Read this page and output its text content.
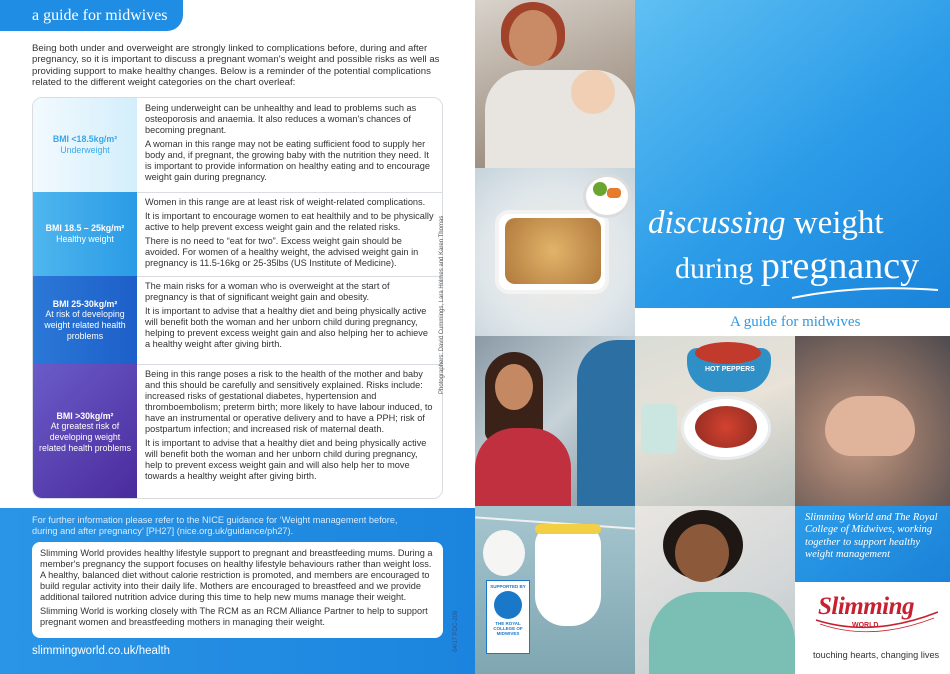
a guide for midwives
Being both under and overweight are strongly linked to complications before, during and after pregnancy, so it is important to discuss a pregnant woman's weight and possible risks as well as providing support to make healthy changes. Below is a reminder of the potential complications related to the different weight categories on the chart overleaf:
BMI <18.5kg/m²
Underweight

Being underweight can be unhealthy and lead to problems such as osteoporosis and anaemia. It also reduces a woman's chances of becoming pregnant.

A woman in this range may not be eating sufficient food to supply her body and, if pregnant, the growing baby with the nutrition they need. It is important to provide information on healthy eating and to encourage weight gain during pregnancy.

BMI 18.5 – 25kg/m²
Healthy weight

Women in this range are at least risk of weight-related complications.

It is important to encourage women to eat healthily and to be physically active to help prevent excess weight gain and the related risks.

There is no need to “eat for two”. Excess weight gain should be avoided. For women of a healthy weight, the advised weight gain in pregnancy is 11.5-16kg or 25-35lbs (US Institute of Medicine).

BMI 25-30kg/m²
At risk of developing weight related health problems

The main risks for a woman who is overweight at the start of pregnancy is that of significant weight gain and obesity.

It is important to advise that a healthy diet and being physically active will benefit both the woman and her unborn child during pregnancy, helping to prevent excess weight gain and also helping her to achieve a healthy weight after giving birth.

BMI >30kg/m²
At greatest risk of developing weight related health problems

Being in this range poses a risk to the health of the mother and baby and this should be carefully and sensitively explained. Risks include: increased risks of gestational diabetes, hypertension and thromboembolism; preterm birth; more likely to have labour induced, to have an instrumental or operative delivery and to have a PPH; risk of postpartum infection; and increased risk of maternal death.

It is important to advise that a healthy diet and being physically active will benefit both the woman and her unborn child during pregnancy, help to prevent excess weight gain and will also help her to move towards a healthy weight after giving birth.

For further information please refer to the NICE guidance for ‘Weight management before, during and after pregnancy’ [PH27] (nice.org.uk/guidance/ph27).

Slimming World provides healthy lifestyle support to pregnant and breastfeeding mums. During a member's pregnancy the support focuses on healthy lifestyle behaviours rather than weight loss. A healthy, balanced diet without calorie restriction is promoted, and members are encouraged to build regular activity into their daily life. Mothers are encouraged to breastfeed and we provide additional tailored nutrition advice during this time to help new mums manage their weight.

Slimming World is working closely with The RCM as an RCM Alliance Partner to help to support pregnant women and breastfeeding mothers in managing their weight.

slimmingworld.co.uk/health
Photographers: David Cummings, Lara Holmes and Karen Thomas
SUPPORTED BY
THE ROYAL COLLEGE OF MIDWIVES
04/17 PDC-209
discussing weight
during pregnancy
A guide for midwives
HOT PEPPERS

Slimming World and The Royal College of Midwives, working together to support healthy weight management

Slimming
WORLD
touching hearts, changing lives
